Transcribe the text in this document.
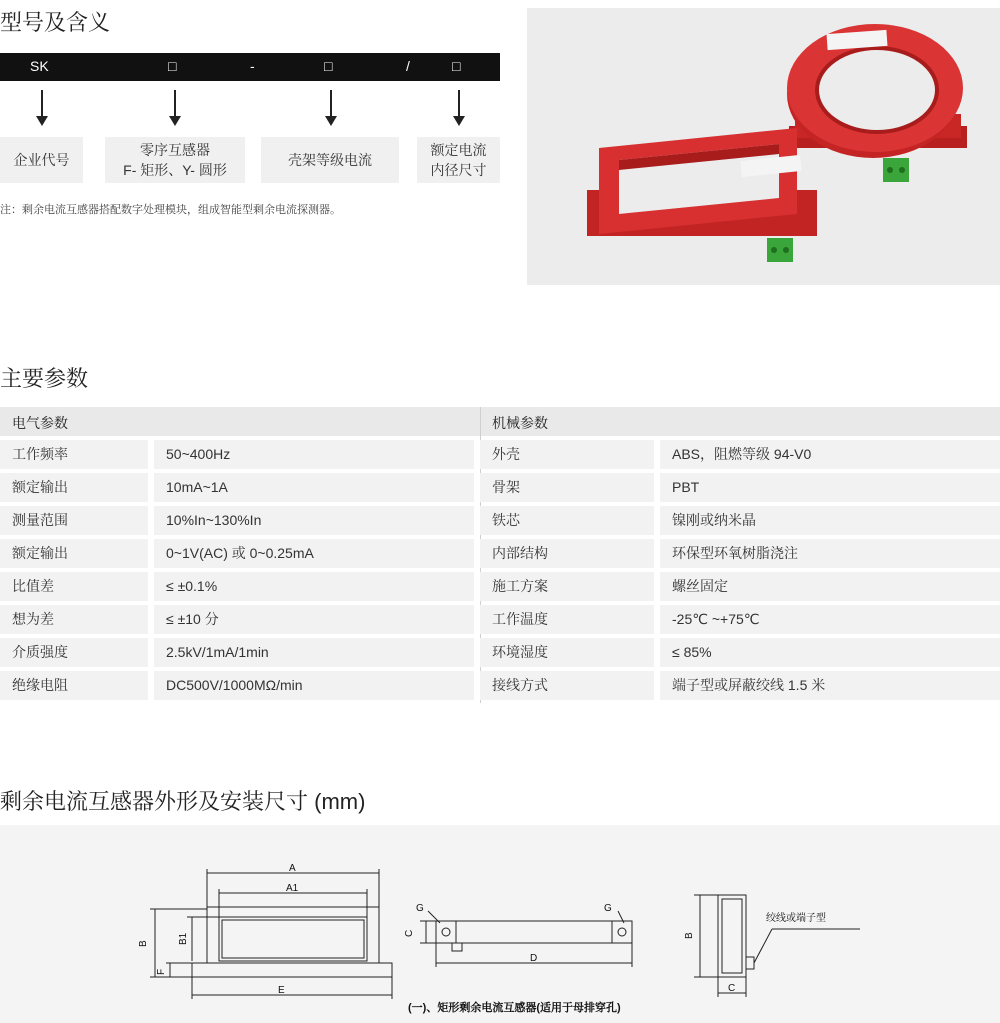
型号及含义
SK	□	-	□	/	□
企业代号
零序互感器
F- 矩形、Y- 圆形
壳架等级电流
额定电流
内径尺寸
注：剩余电流互感器搭配数字处理模块，组成智能型剩余电流探测器。
主要参数
电气参数	机械参数
工作频率	50~400Hz	外壳	ABS，阻燃等级 94-V0
额定输出	10mA~1A	骨架	PBT
测量范围	10%In~130%In	铁芯	镍刚或纳米晶
额定输出	0~1V(AC) 或 0~0.25mA	内部结构	环保型环氧树脂浇注
比值差	≤ ±0.1%	施工方案	螺丝固定
想为差	≤ ±10 分	工作温度	-25℃ ~+75℃
介质强度	2.5kV/1mA/1min	环境湿度	≤ 85%
绝缘电阻	DC500V/1000MΩ/min	接线方式	端子型或屏蔽绞线 1.5 米
剩余电流互感器外形及安装尺寸 (mm)
A
A1
B	B1
F
E
G	G
C
D
B
C
绞线或端子型
(一)、矩形剩余电流互感器(适用于母排穿孔)
